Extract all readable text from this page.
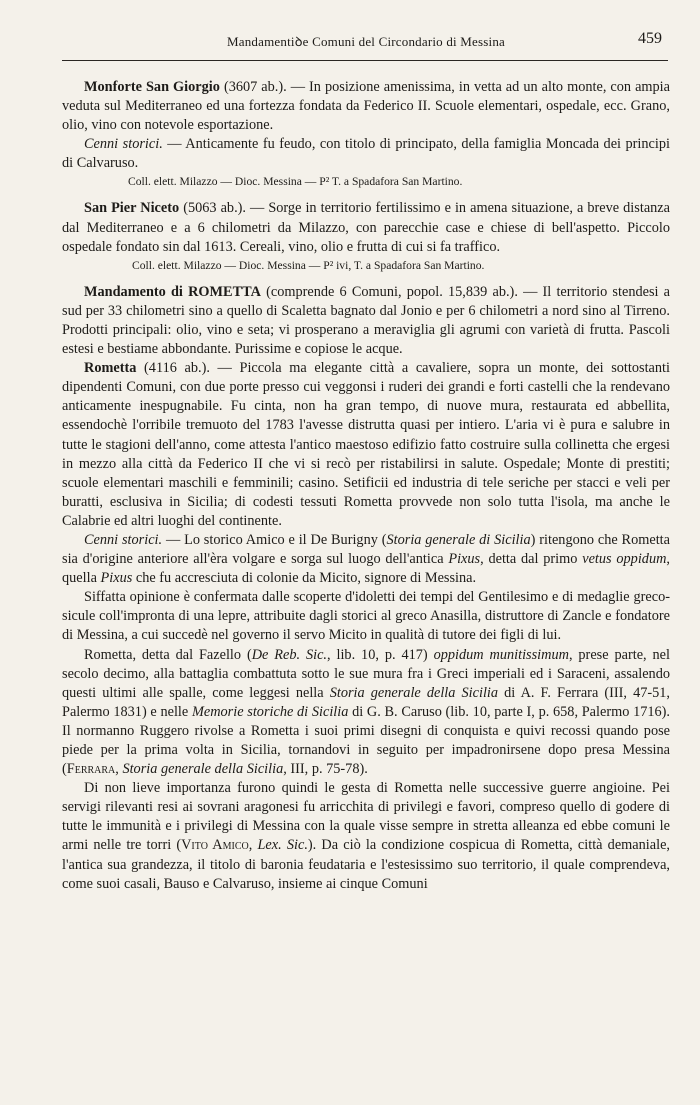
Mandamentiꝺe Comuni del Circondario di Messina	459

Monforte San Giorgio (3607 ab.). — In posizione amenissima, in vetta ad un alto monte, con ampia veduta sul Mediterraneo ed una fortezza fondata da Federico II. Scuole elementari, ospedale, ecc. Grano, olio, vino con notevole esportazione.

Cenni storici. — Anticamente fu feudo, con titolo di principato, della famiglia Moncada dei principi di Calvaruso.

Coll. elett. Milazzo — Dioc. Messina — P² T. a Spadafora San Martino.

San Pier Niceto (5063 ab.). — Sorge in territorio fertilissimo e in amena situazione, a breve distanza dal Mediterraneo e a 6 chilometri da Milazzo, con parecchie case e chiese di bell'aspetto. Piccolo ospedale fondato sin dal 1613. Cereali, vino, olio e frutta di cui si fa traffico.

Coll. elett. Milazzo — Dioc. Messina — P² ivi, T. a Spadafora San Martino.

Mandamento di ROMETTA (comprende 6 Comuni, popol. 15,839 ab.). — Il territorio stendesi a sud per 33 chilometri sino a quello di Scaletta bagnato dal Jonio e per 6 chilometri a nord sino al Tirreno. Prodotti principali: olio, vino e seta; vi prosperano a meraviglia gli agrumi con varietà di frutta. Pascoli estesi e bestiame abbondante. Purissime e copiose le acque.

Rometta (4116 ab.). — Piccola ma elegante città a cavaliere, sopra un monte, dei sottostanti dipendenti Comuni, con due porte presso cui veggonsi i ruderi dei grandi e forti castelli che la rendevano anticamente inespugnabile. Fu cinta, non ha gran tempo, di nuove mura, restaurata ed abbellita, essendochè l'orribile tremuoto del 1783 l'avesse distrutta quasi per intiero. L'aria vi è pura e salubre in tutte le stagioni dell'anno, come attesta l'antico maestoso edifizio fatto costruire sulla collinetta che ergesi in mezzo alla città da Federico II che vi si recò per ristabilirsi in salute. Ospedale; Monte di prestiti; scuole elementari maschili e femminili; casino. Setificii ed industria di tele seriche per stacci e veli per buratti, esclusiva in Sicilia; di codesti tessuti Rometta provvede non solo tutta l'isola, ma anche le Calabrie ed altri luoghi del continente.

Cenni storici. — Lo storico Amico e il De Burigny (Storia generale di Sicilia) ritengono che Rometta sia d'origine anteriore all'èra volgare e sorga sul luogo dell'antica Pixus, detta dal primo vetus oppidum, quella Pixus che fu accresciuta di colonie da Micito, signore di Messina.

Siffatta opinione è confermata dalle scoperte d'idoletti dei tempi del Gentilesimo e di medaglie greco-sicule coll'impronta di una lepre, attribuite dagli storici al greco Anasilla, distruttore di Zancle e fondatore di Messina, a cui succedè nel governo il servo Micito in qualità di tutore dei figli di lui.

Rometta, detta dal Fazello (De Reb. Sic., lib. 10, p. 417) oppidum munitissimum, prese parte, nel secolo decimo, alla battaglia combattuta sotto le sue mura fra i Greci imperiali ed i Saraceni, assalendo questi ultimi alle spalle, come leggesi nella Storia generale della Sicilia di A. F. Ferrara (III, 47-51, Palermo 1831) e nelle Memorie storiche di Sicilia di G. B. Caruso (lib. 10, parte I, p. 658, Palermo 1716). Il normanno Ruggero rivolse a Rometta i suoi primi disegni di conquista e quivi recossi quando pose piede per la prima volta in Sicilia, tornandovi in seguito per impadronirsene dopo presa Messina (Ferrara, Storia generale della Sicilia, III, p. 75-78).

Di non lieve importanza furono quindi le gesta di Rometta nelle successive guerre angioine. Pei servigi rilevanti resi ai sovrani aragonesi fu arricchita di privilegi e favori, compreso quello di godere di tutte le immunità e i privilegi di Messina con la quale visse sempre in stretta alleanza ed ebbe comuni le armi nelle tre torri (Vito Amico, Lex. Sic.). Da ciò la condizione cospicua di Rometta, città demaniale, l'antica sua grandezza, il titolo di baronia feudataria e l'estesissimo suo territorio, il quale comprendeva, come suoi casali, Bauso e Calvaruso, insieme ai cinque Comuni
